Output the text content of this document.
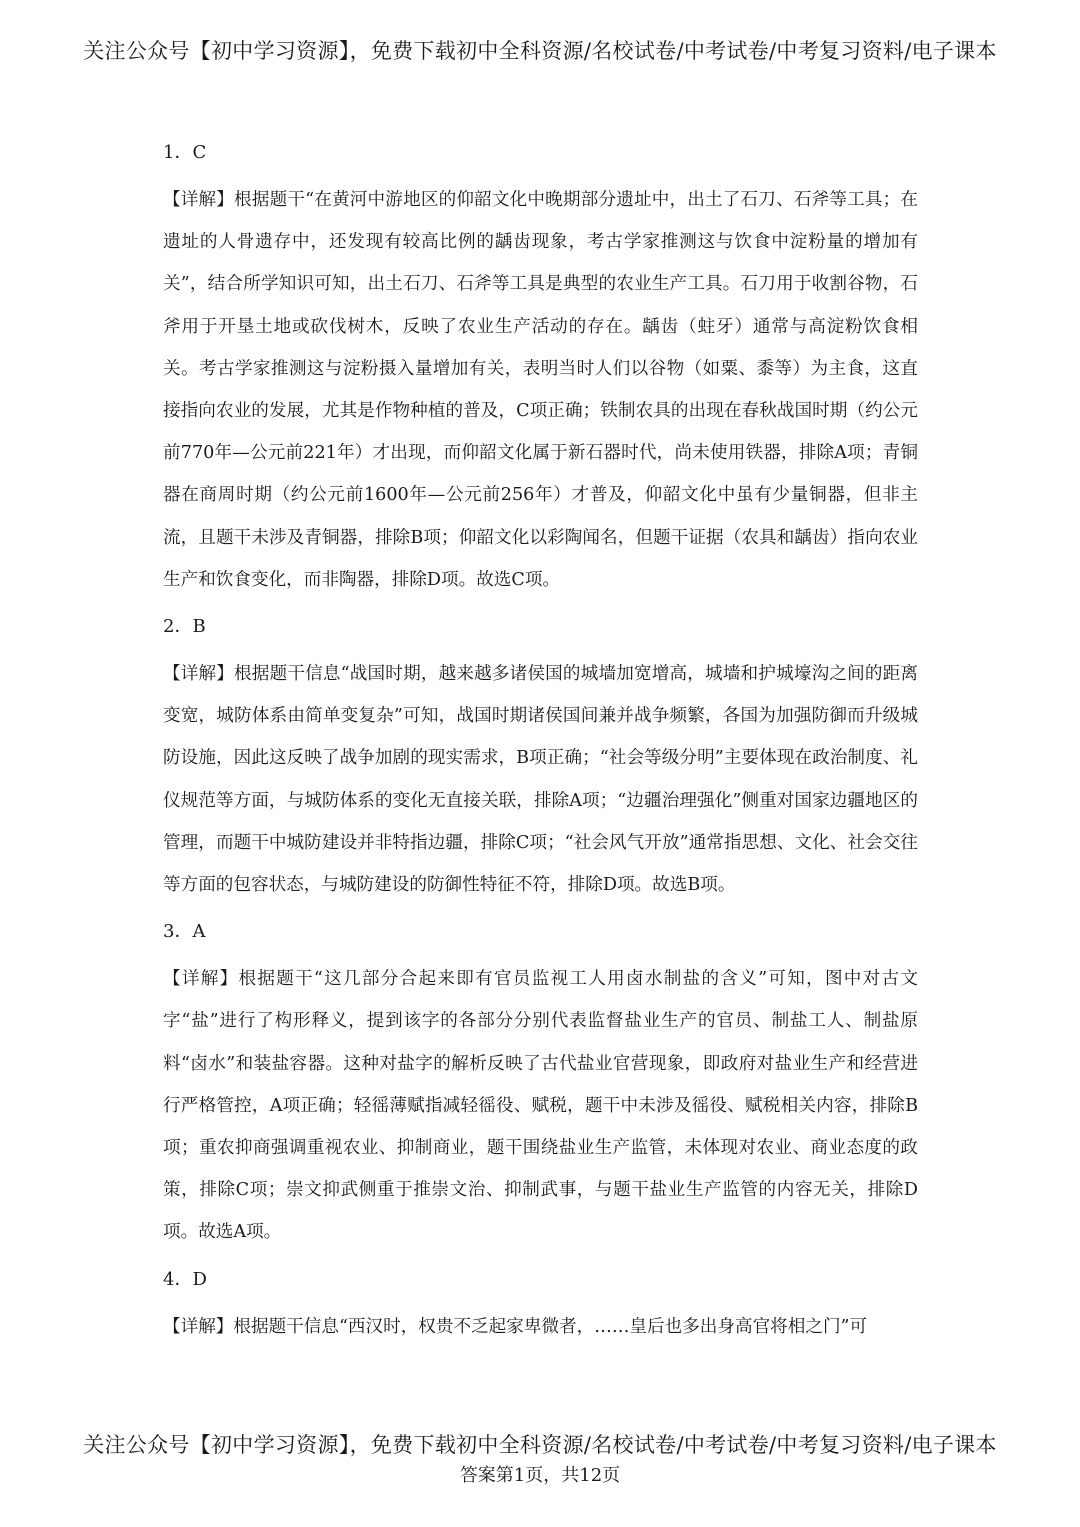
关注公众号【初中学习资源】，免费下载初中全科资源/名校试卷/中考试卷/中考复习资料/电子课本

1．C

【详解】根据题干“在黄河中游地区的仰韶文化中晚期部分遗址中，出土了石刀、石斧等工具；在遗址的人骨遗存中，还发现有较高比例的龋齿现象，考古学家推测这与饮食中淀粉量的增加有关”，结合所学知识可知，出土石刀、石斧等工具是典型的农业生产工具。石刀用于收割谷物，石斧用于开垦土地或砍伐树木，反映了农业生产活动的存在。龋齿（蛀牙）通常与高淀粉饮食相关。考古学家推测这与淀粉摄入量增加有关，表明当时人们以谷物（如粟、黍等）为主食，这直接指向农业的发展，尤其是作物种植的普及，C项正确；铁制农具的出现在春秋战国时期（约公元前770年—公元前221年）才出现，而仰韶文化属于新石器时代，尚未使用铁器，排除A项；青铜器在商周时期（约公元前1600年—公元前256年）才普及，仰韶文化中虽有少量铜器，但非主流，且题干未涉及青铜器，排除B项；仰韶文化以彩陶闻名，但题干证据（农具和龋齿）指向农业生产和饮食变化，而非陶器，排除D项。故选C项。

2．B

【详解】根据题干信息“战国时期，越来越多诸侯国的城墙加宽增高，城墙和护城壕沟之间的距离变宽，城防体系由简单变复杂”可知，战国时期诸侯国间兼并战争频繁，各国为加强防御而升级城防设施，因此这反映了战争加剧的现实需求，B项正确；“社会等级分明”主要体现在政治制度、礼仪规范等方面，与城防体系的变化无直接关联，排除A项；“边疆治理强化”侧重对国家边疆地区的管理，而题干中城防建设并非特指边疆，排除C项；“社会风气开放”通常指思想、文化、社会交往等方面的包容状态，与城防建设的防御性特征不符，排除D项。故选B项。

3．A

【详解】根据题干“这几部分合起来即有官员监视工人用卤水制盐的含义”可知，图中对古文字“盐”进行了构形释义，提到该字的各部分分别代表监督盐业生产的官员、制盐工人、制盐原料“卤水”和装盐容器。这种对盐字的解析反映了古代盐业官营现象，即政府对盐业生产和经营进行严格管控，A项正确；轻徭薄赋指减轻徭役、赋税，题干中未涉及徭役、赋税相关内容，排除B项；重农抑商强调重视农业、抑制商业，题干围绕盐业生产监管，未体现对农业、商业态度的政策，排除C项；崇文抑武侧重于推崇文治、抑制武事，与题干盐业生产监管的内容无关，排除D项。故选A项。

4．D

【详解】根据题干信息“西汉时，权贵不乏起家卑微者，……皇后也多出身高官将相之门”可

关注公众号【初中学习资源】，免费下载初中全科资源/名校试卷/中考试卷/中考复习资料/电子课本
答案第1页，共12页
